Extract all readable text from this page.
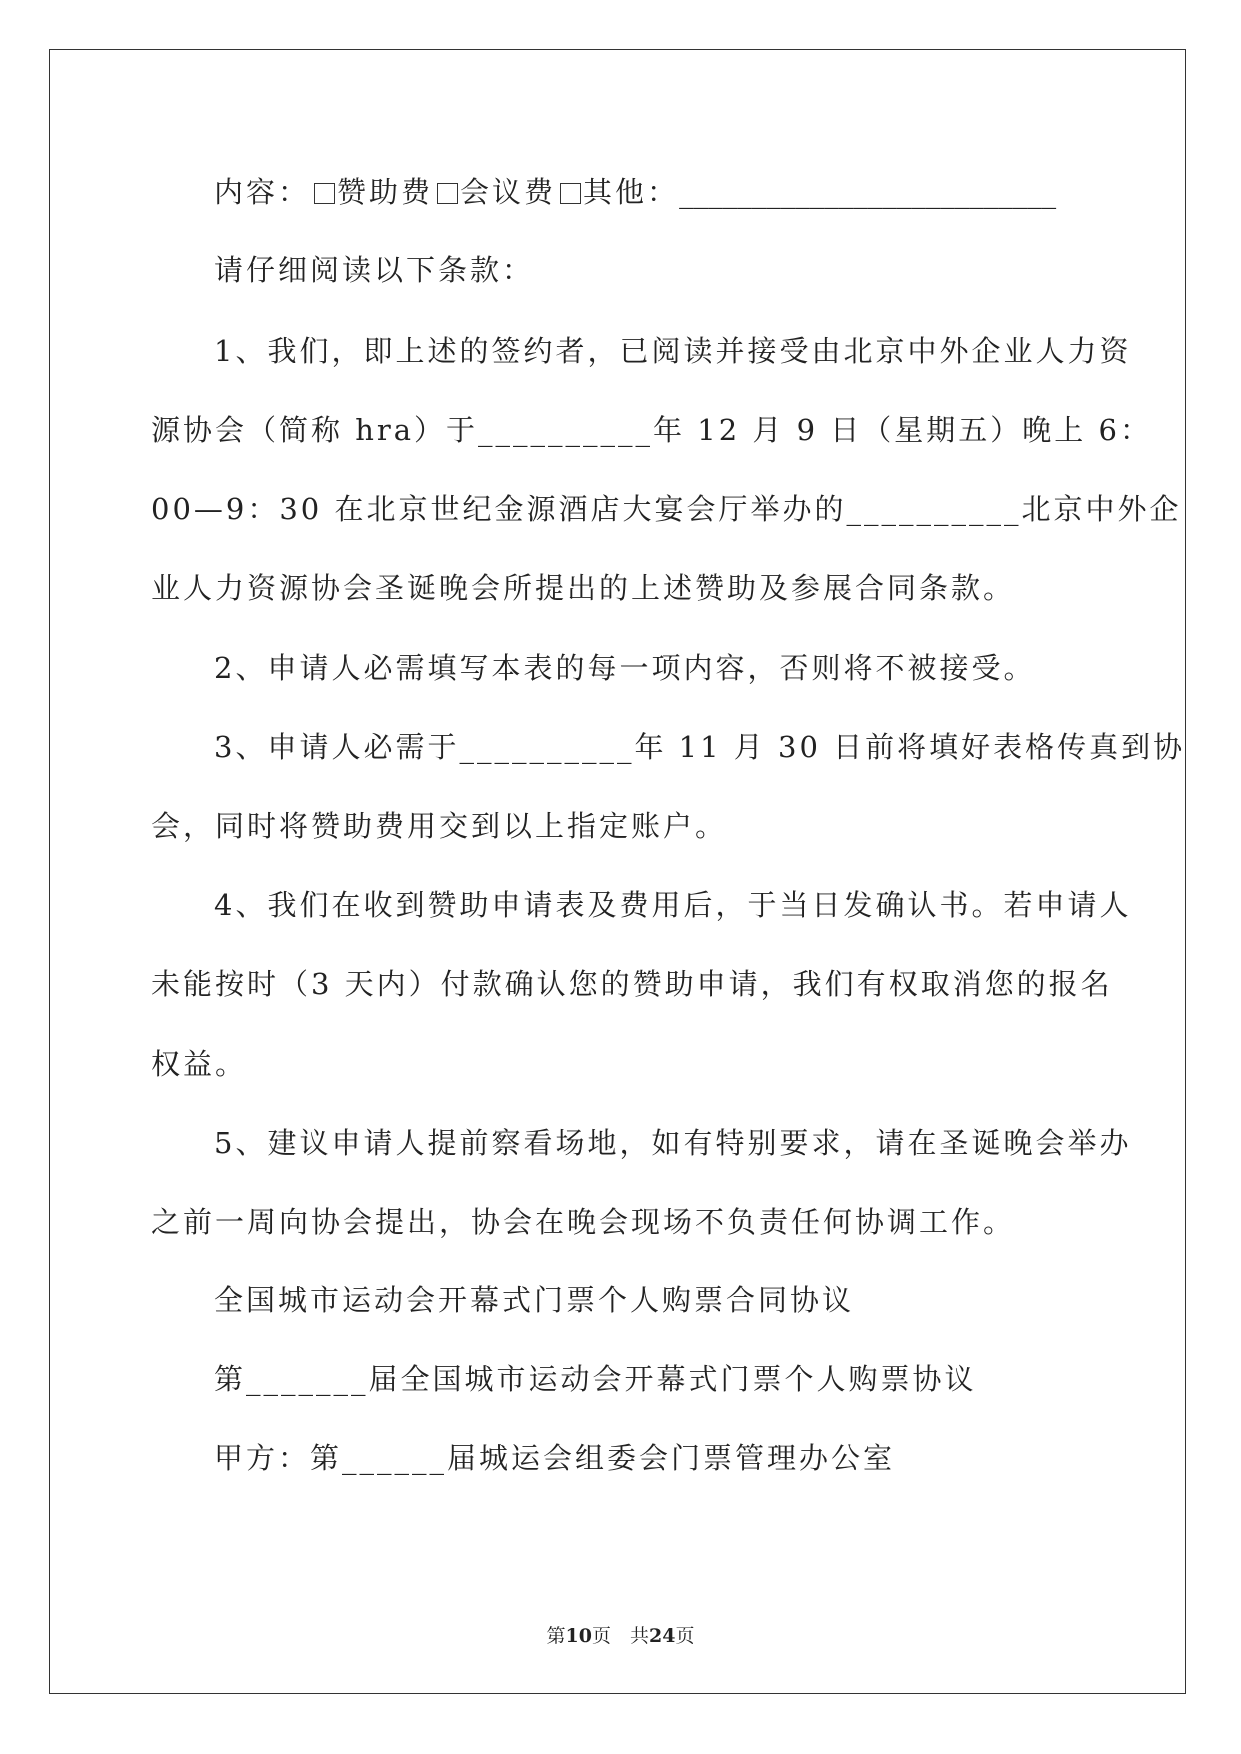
内容： 赞助费 会议费 其他：__________________________
请仔细阅读以下条款：
1、我们，即上述的签约者，已阅读并接受由北京中外企业人力资
源协会（简称 hra）于__________年 12 月 9 日（星期五）晚上 6：
00—9：30 在北京世纪金源酒店大宴会厅举办的__________北京中外企
业人力资源协会圣诞晚会所提出的上述赞助及参展合同条款。
2、申请人必需填写本表的每一项内容，否则将不被接受。
3、申请人必需于__________年 11 月 30 日前将填好表格传真到协
会，同时将赞助费用交到以上指定账户。
4、我们在收到赞助申请表及费用后，于当日发确认书。若申请人
未能按时（3 天内）付款确认您的赞助申请，我们有权取消您的报名
权益。
5、建议申请人提前察看场地，如有特别要求，请在圣诞晚会举办
之前一周向协会提出，协会在晚会现场不负责任何协调工作。
全国城市运动会开幕式门票个人购票合同协议
第_______届全国城市运动会开幕式门票个人购票协议
甲方：第______届城运会组委会门票管理办公室
第10页　共24页
